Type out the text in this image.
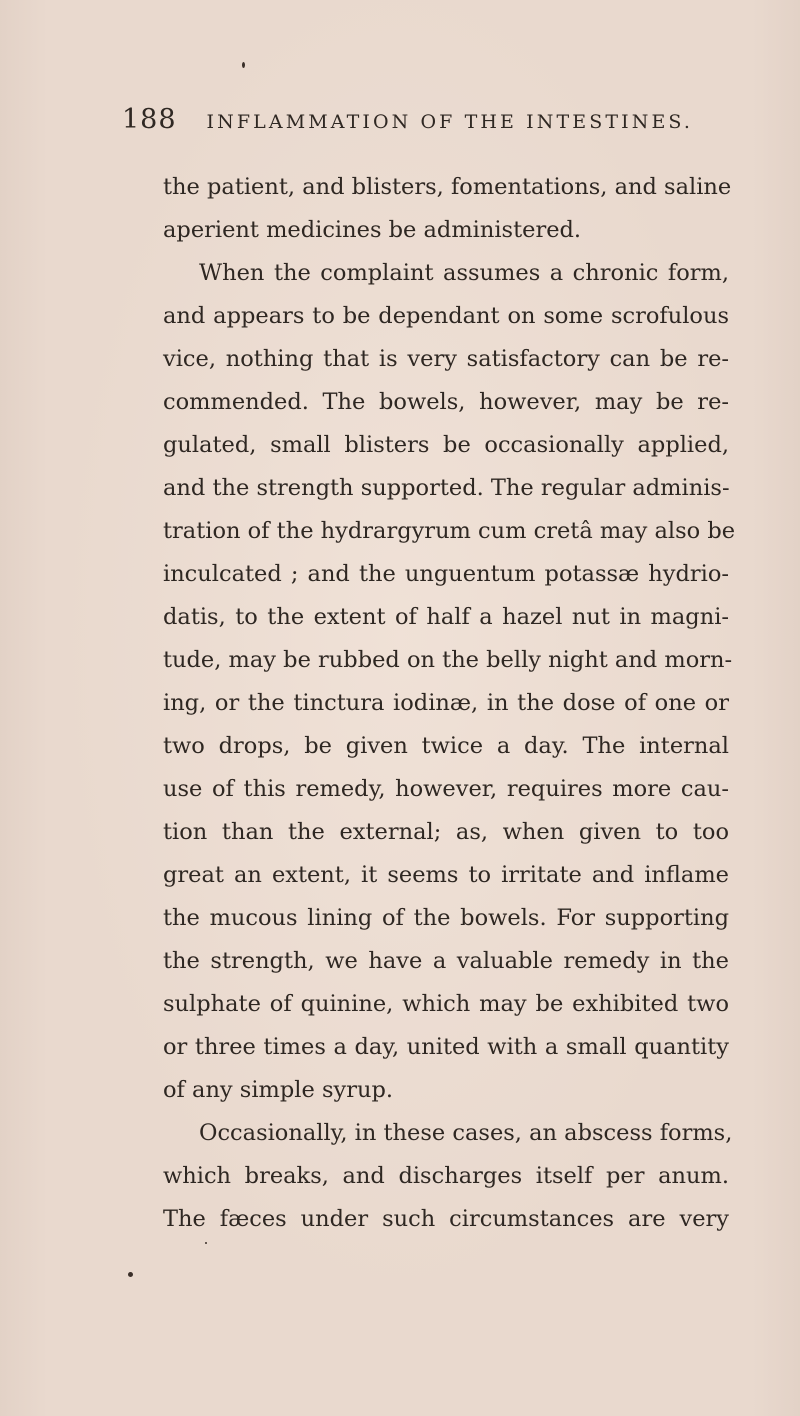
188 INFLAMMATION OF THE INTESTINES.
the patient, and blisters, fomentations, and saline
aperient medicines be administered.
When the complaint assumes a chronic form,
and appears to be dependant on some scrofulous
vice, nothing that is very satisfactory can be re-
commended. The bowels, however, may be re-
gulated, small blisters be occasionally applied,
and the strength supported. The regular adminis-
tration of the hydrargyrum cum cretâ may also be
inculcated ; and the unguentum potassæ hydrio-
datis, to the extent of half a hazel nut in magni-
tude, may be rubbed on the belly night and morn-
ing, or the tinctura iodinæ, in the dose of one or
two drops, be given twice a day. The internal
use of this remedy, however, requires more cau-
tion than the external; as, when given to too
great an extent, it seems to irritate and inflame
the mucous lining of the bowels. For supporting
the strength, we have a valuable remedy in the
sulphate of quinine, which may be exhibited two
or three times a day, united with a small quantity
of any simple syrup.
Occasionally, in these cases, an abscess forms,
which breaks, and discharges itself per anum.
The fæces under such circumstances are very
